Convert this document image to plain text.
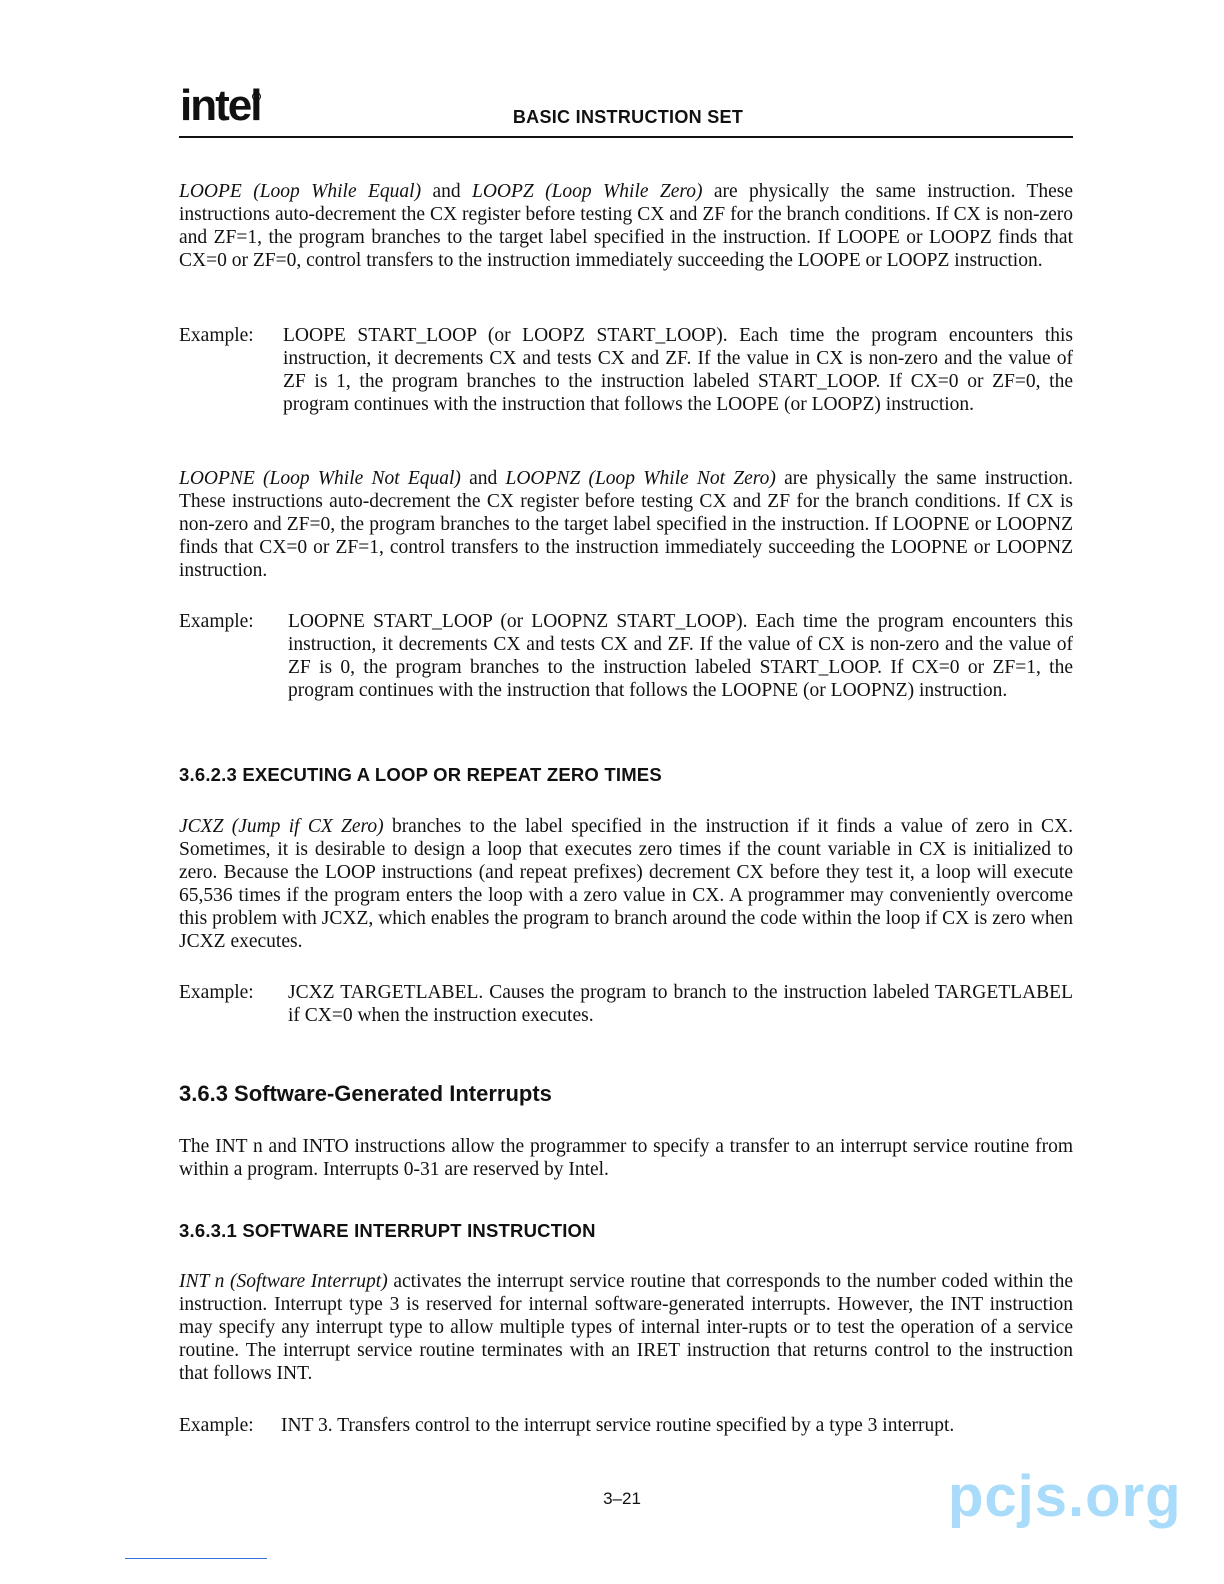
intel	BASIC INSTRUCTION SET

LOOPE (Loop While Equal) and LOOPZ (Loop While Zero) are physically the same instruction. These instructions auto-decrement the CX register before testing CX and ZF for the branch conditions. If CX is non-zero and ZF=1, the program branches to the target label specified in the instruction. If LOOPE or LOOPZ finds that CX=0 or ZF=0, control transfers to the instruction immediately succeeding the LOOPE or LOOPZ instruction.

Example:	LOOPE START_LOOP (or LOOPZ START_LOOP). Each time the program encounters this instruction, it decrements CX and tests CX and ZF. If the value in CX is non-zero and the value of ZF is 1, the program branches to the instruction labeled START_LOOP. If CX=0 or ZF=0, the program continues with the instruction that follows the LOOPE (or LOOPZ) instruction.

LOOPNE (Loop While Not Equal) and LOOPNZ (Loop While Not Zero) are physically the same instruction. These instructions auto-decrement the CX register before testing CX and ZF for the branch conditions. If CX is non-zero and ZF=0, the program branches to the target label specified in the instruction. If LOOPNE or LOOPNZ finds that CX=0 or ZF=1, control transfers to the instruction immediately succeeding the LOOPNE or LOOPNZ instruction.

Example:	LOOPNE START_LOOP (or LOOPNZ START_LOOP). Each time the program encounters this instruction, it decrements CX and tests CX and ZF. If the value of CX is non-zero and the value of ZF is 0, the program branches to the instruction labeled START_LOOP. If CX=0 or ZF=1, the program continues with the instruction that follows the LOOPNE (or LOOPNZ) instruction.
3.6.2.3 EXECUTING A LOOP OR REPEAT ZERO TIMES

JCXZ (Jump if CX Zero) branches to the label specified in the instruction if it finds a value of zero in CX. Sometimes, it is desirable to design a loop that executes zero times if the count variable in CX is initialized to zero. Because the LOOP instructions (and repeat prefixes) decrement CX before they test it, a loop will execute 65,536 times if the program enters the loop with a zero value in CX. A programmer may conveniently overcome this problem with JCXZ, which enables the program to branch around the code within the loop if CX is zero when JCXZ executes.

Example:	JCXZ TARGETLABEL. Causes the program to branch to the instruction labeled TARGETLABEL if CX=0 when the instruction executes.
3.6.3 Software-Generated Interrupts

The INT n and INTO instructions allow the programmer to specify a transfer to an interrupt service routine from within a program. Interrupts 0-31 are reserved by Intel.

3.6.3.1 SOFTWARE INTERRUPT INSTRUCTION

INT n (Software Interrupt) activates the interrupt service routine that corresponds to the number coded within the instruction. Interrupt type 3 is reserved for internal software-generated interrupts. However, the INT instruction may specify any interrupt type to allow multiple types of internal inter-rupts or to test the operation of a service routine. The interrupt service routine terminates with an IRET instruction that returns control to the instruction that follows INT.

Example:	INT 3. Transfers control to the interrupt service routine specified by a type 3 interrupt.
3–21	pcjs.org
